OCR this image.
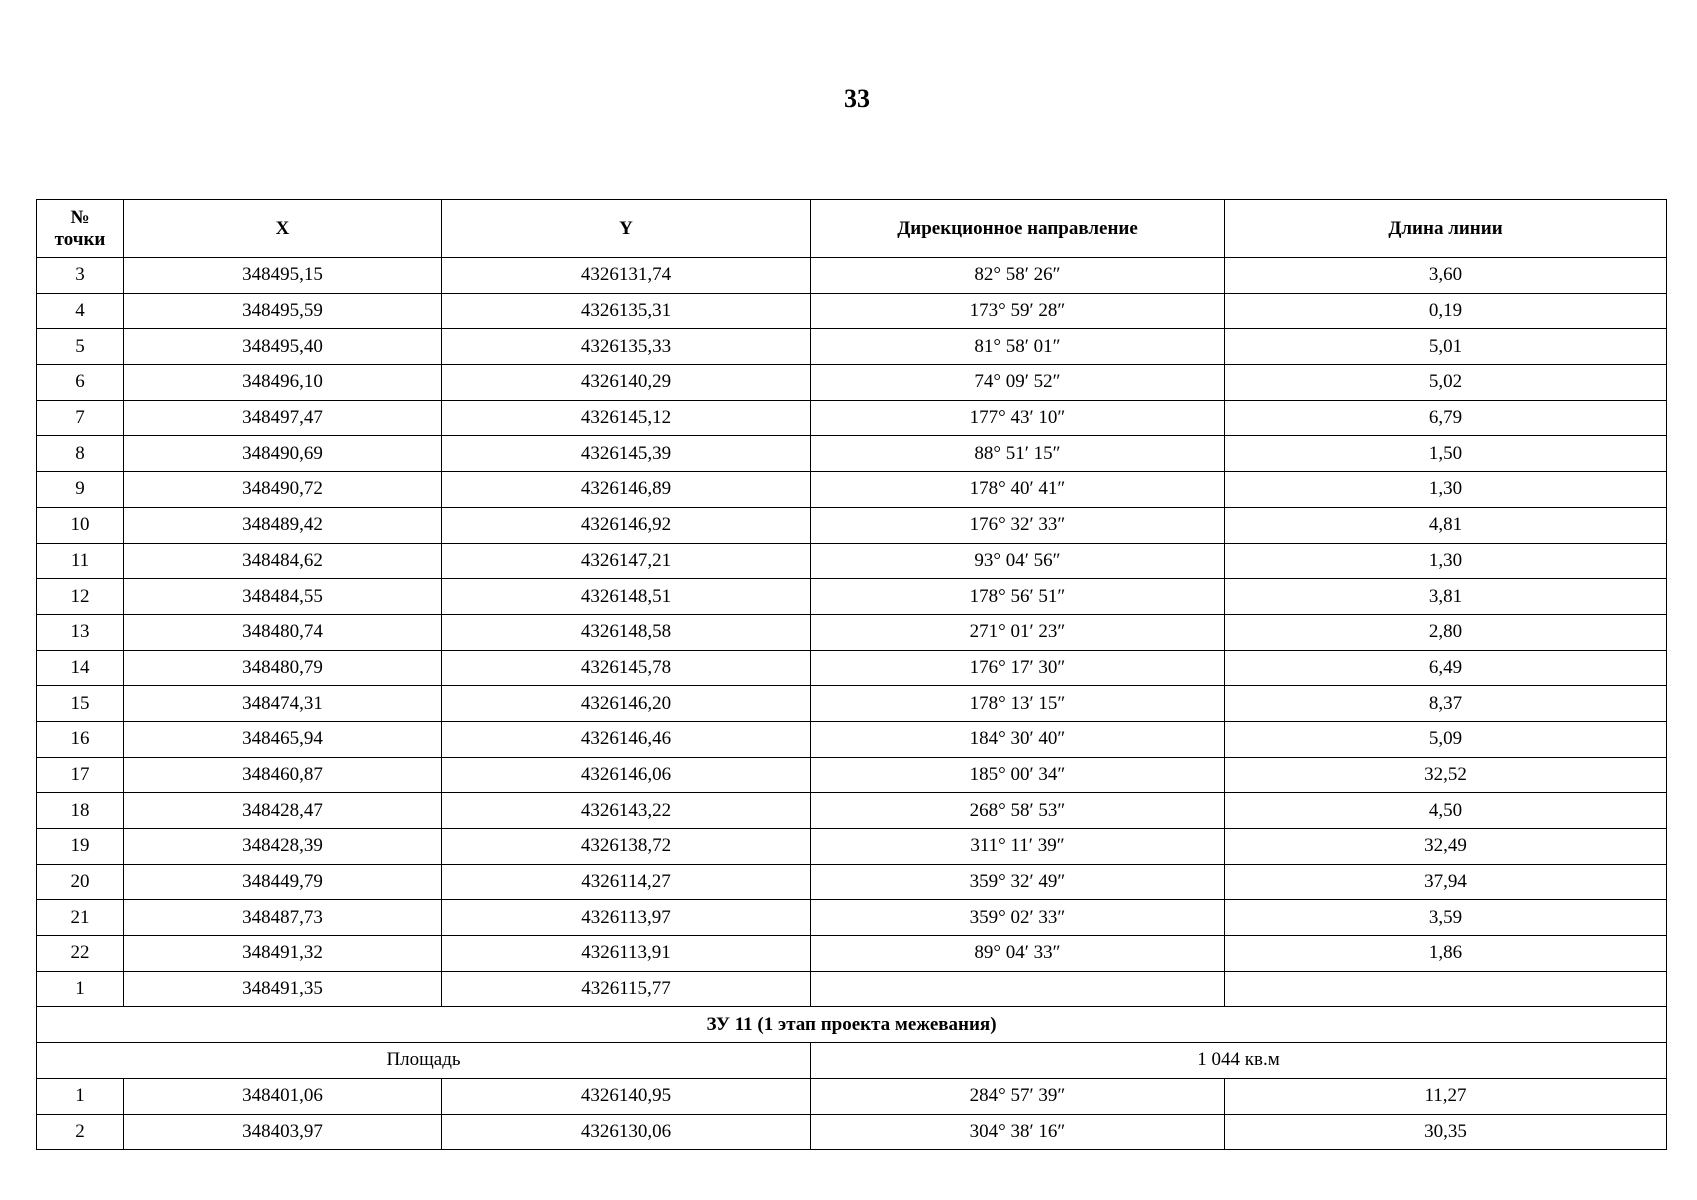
33
№
точки	X	Y	Дирекционное направление	Длина линии
3	348495,15	4326131,74	82° 58′ 26″	3,60
4	348495,59	4326135,31	173° 59′ 28″	0,19
5	348495,40	4326135,33	81° 58′ 01″	5,01
6	348496,10	4326140,29	74° 09′ 52″	5,02
7	348497,47	4326145,12	177° 43′ 10″	6,79
8	348490,69	4326145,39	88° 51′ 15″	1,50
9	348490,72	4326146,89	178° 40′ 41″	1,30
10	348489,42	4326146,92	176° 32′ 33″	4,81
11	348484,62	4326147,21	93° 04′ 56″	1,30
12	348484,55	4326148,51	178° 56′ 51″	3,81
13	348480,74	4326148,58	271° 01′ 23″	2,80
14	348480,79	4326145,78	176° 17′ 30″	6,49
15	348474,31	4326146,20	178° 13′ 15″	8,37
16	348465,94	4326146,46	184° 30′ 40″	5,09
17	348460,87	4326146,06	185° 00′ 34″	32,52
18	348428,47	4326143,22	268° 58′ 53″	4,50
19	348428,39	4326138,72	311° 11′ 39″	32,49
20	348449,79	4326114,27	359° 32′ 49″	37,94
21	348487,73	4326113,97	359° 02′ 33″	3,59
22	348491,32	4326113,91	89° 04′ 33″	1,86
1	348491,35	4326115,77		
ЗУ 11 (1 этап проекта межевания)				
Площадь			1 044 кв.м	
1	348401,06	4326140,95	284° 57′ 39″	11,27
2	348403,97	4326130,06	304° 38′ 16″	30,35
